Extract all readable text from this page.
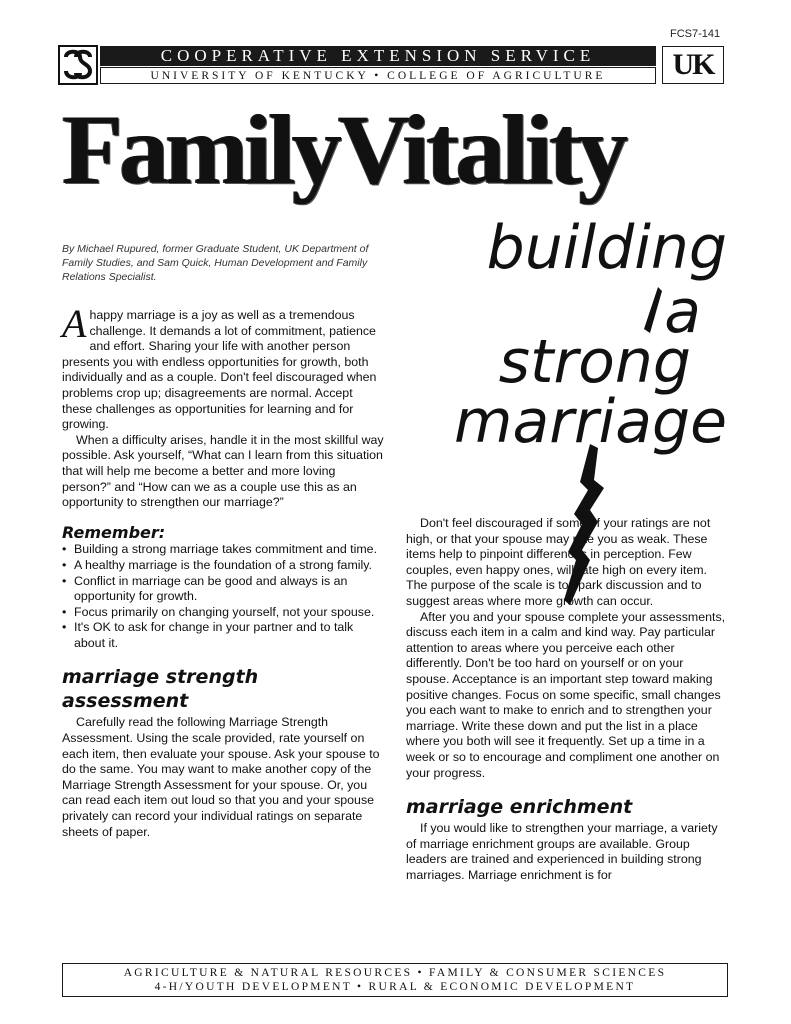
FCS7-141
COOPERATIVE EXTENSION SERVICE
UNIVERSITY OF KENTUCKY • COLLEGE OF AGRICULTURE	UK
FamilyVitality
By Michael Rupured, former Graduate Student, UK Department of Family Studies, and Sam Quick, Human Development and Family Relations Specialist.	building
a
strong
marriage

Ahappy marriage is a joy as well as a tremendous challenge. It demands a lot of commitment, patience and effort. Sharing your life with another person presents you with endless opportunities for growth, both individually and as a couple. Don't feel discouraged when problems crop up; disagreements are normal. Accept these challenges as opportunities for learning and for growing.

When a difficulty arises, handle it in the most skillful way possible. Ask yourself, “What can I learn from this situation that will help me become a better and more loving person?” and “How can we as a couple use this as an opportunity to strengthen our marriage?”

Remember:
• Building a strong marriage takes commitment and time.
• A healthy marriage is the foundation of a strong family.
• Conflict in marriage can be good and always is an opportunity for growth.
• Focus primarily on changing yourself, not your spouse.
• It's OK to ask for change in your partner and to talk about it.
marriage strength assessment

Carefully read the following Marriage Strength Assessment. Using the scale provided, rate yourself on each item, then evaluate your spouse. Ask your spouse to do the same. You may want to make another copy of the Marriage Strength Assessment for your spouse. Or, you can read each item out loud so that you and your spouse privately can record your individual ratings on separate sheets of paper.

Don't feel discouraged if some of your ratings are not high, or that your spouse may rate you as weak. These items help to pinpoint differences in perception. Few couples, even happy ones, will rate high on every item. The purpose of the scale is to spark discussion and to suggest areas where more growth can occur.

After you and your spouse complete your assessments, discuss each item in a calm and kind way. Pay particular attention to areas where you perceive each other differently. Don't be too hard on yourself or on your spouse. Acceptance is an important step toward making positive changes. Focus on some specific, small changes you each want to make to enrich and to strengthen your marriage. Write these down and put the list in a place where you both will see it frequently. Set up a time in a week or so to encourage and compliment one another on your progress.

marriage enrichment

If you would like to strengthen your marriage, a variety of marriage enrichment groups are available. Group leaders are trained and experienced in building strong marriages. Marriage enrichment is for

AGRICULTURE & NATURAL RESOURCES • FAMILY & CONSUMER SCIENCES
4-H/YOUTH DEVELOPMENT • RURAL & ECONOMIC DEVELOPMENT
